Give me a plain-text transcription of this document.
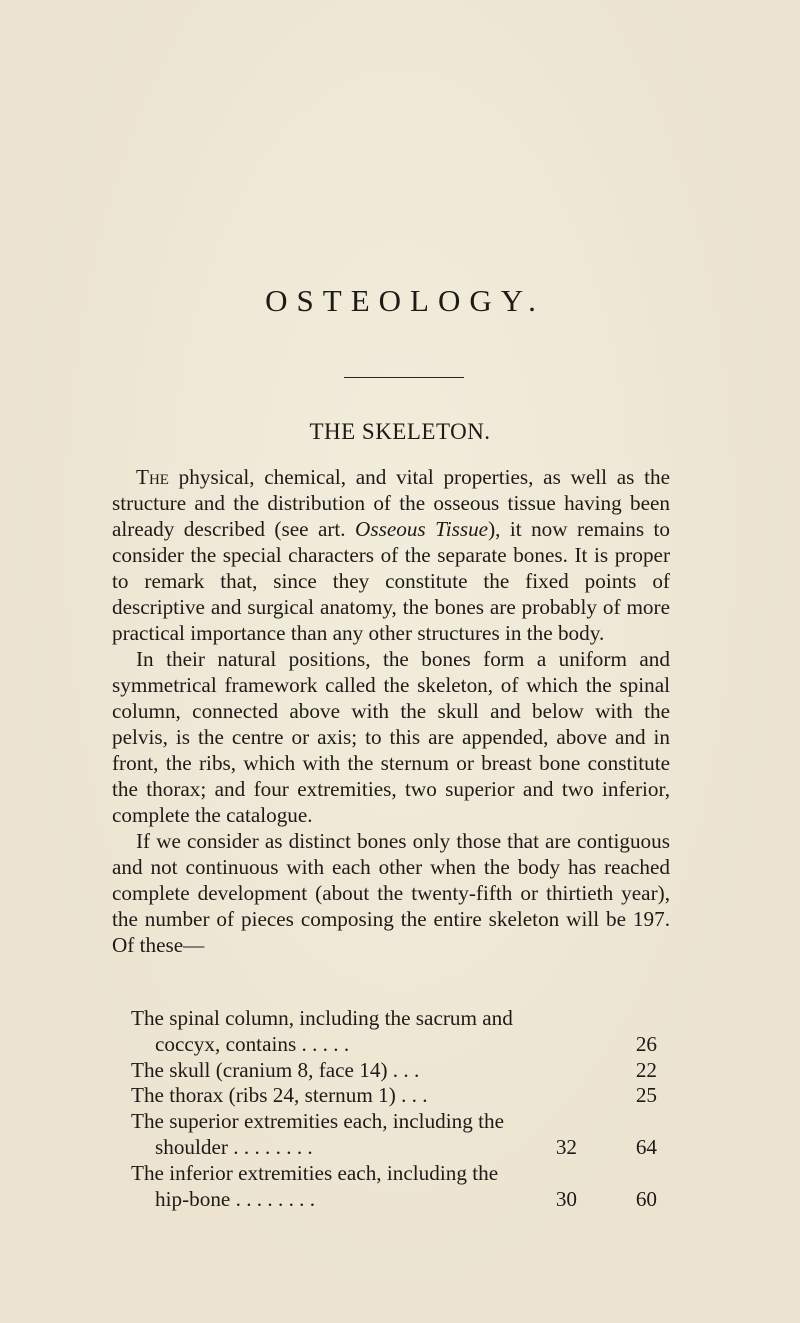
OSTEOLOGY.
THE SKELETON.

The physical, chemical, and vital properties, as well as the structure and the distribution of the osseous tissue having been already described (see art. Osseous Tissue), it now remains to consider the special characters of the separate bones. It is proper to remark that, since they constitute the fixed points of descriptive and surgical anatomy, the bones are probably of more practical importance than any other structures in the body.

In their natural positions, the bones form a uniform and symmetrical framework called the skeleton, of which the spinal column, connected above with the skull and below with the pelvis, is the centre or axis; to this are appended, above and in front, the ribs, which with the sternum or breast bone constitute the thorax; and four extremities, two superior and two inferior, complete the catalogue.

If we consider as distinct bones only those that are contiguous and not continuous with each other when the body has reached complete development (about the twenty-fifth or thirtieth year), the number of pieces composing the entire skeleton will be 197. Of these—

The spinal column, including the sacrum and
coccyx, contains . . . . .	26
The skull (cranium 8, face 14) . . .	22
The thorax (ribs 24, sternum 1) . . .	25
The superior extremities each, including the
shoulder . . . . . . . .	32	64
The inferior extremities each, including the
hip-bone . . . . . . . .	30	60
